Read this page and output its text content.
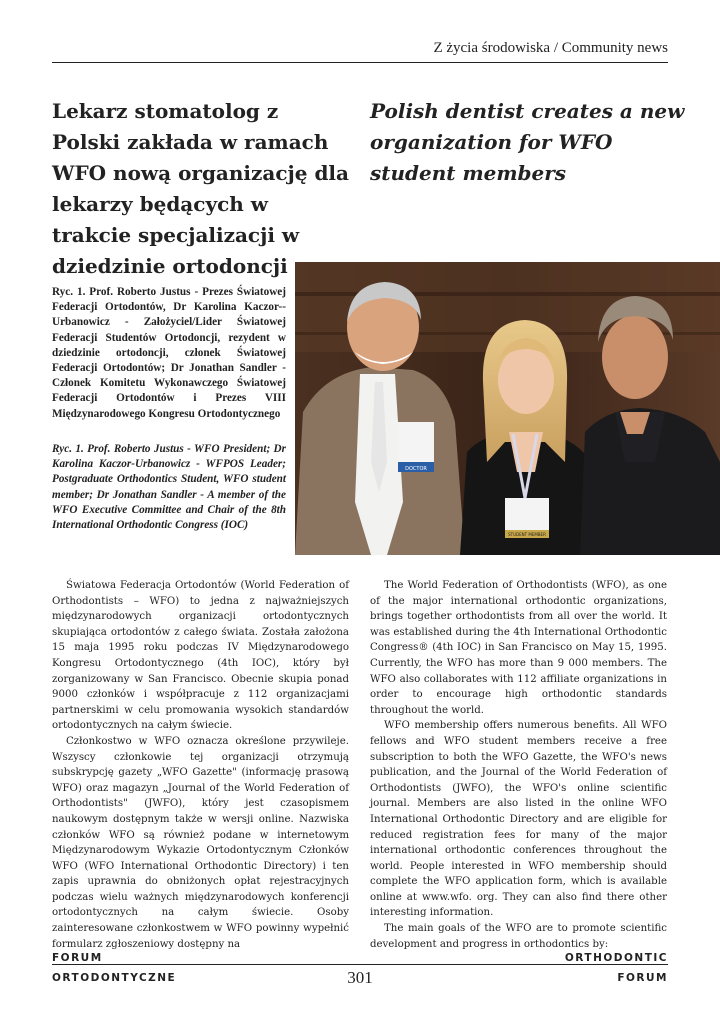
Z życia środowiska / Community news
Lekarz stomatolog z Polski zakłada w ramach WFO nową organizację dla lekarzy będących w trakcie specjalizacji w dziedzinie ortodoncji
Polish dentist creates a new organization for WFO student members
Ryc. 1. Prof. Roberto Justus - Prezes Światowej Federacji Ortodontów, Dr Karolina Kaczor--Urbanowicz - Założyciel/Lider Światowej Federacji Studentów Ortodoncji, rezydent w dziedzinie ortodoncji, członek Światowej Federacji Ortodontów; Dr Jonathan Sandler - Członek Komitetu Wykonawczego Światowej Federacji Ortodontów i Prezes VIII Międzynarodowego Kongresu Ortodontycznego
Ryc. 1. Prof. Roberto Justus - WFO President; Dr Karolina Kaczor-Urbanowicz - WFPOS Leader; Postgraduate Orthodontics Student, WFO student member; Dr Jonathan Sandler - A member of the WFO Executive Committee and Chair of the 8th International Orthodontic Congress (IOC)
DOCTOR
STUDENT MEMBER

Światowa Federacja Ortodontów (World Federation of Orthodontists – WFO) to jedna z najważniejszych międzynarodowych organizacji ortodontycznych skupiająca ortodontów z całego świata. Została założona 15 maja 1995 roku podczas IV Międzynarodowego Kongresu Ortodontycznego (4th IOC), który był zorganizowany w San Francisco. Obecnie skupia ponad 9000 członków i współpracuje z 112 organizacjami partnerskimi w celu promowania wysokich standardów ortodontycznych na całym świecie.

Członkostwo w WFO oznacza określone przywileje. Wszyscy członkowie tej organizacji otrzymują subskrypcję gazety „WFO Gazette" (informację prasową WFO) oraz magazyn „Journal of the World Federation of Orthodontists" (JWFO), który jest czasopismem naukowym dostępnym także w wersji online. Nazwiska członków WFO są również podane w internetowym Międzynarodowym Wykazie Ortodontycznym Członków WFO (WFO International Orthodontic Directory) i ten zapis uprawnia do obniżonych opłat rejestracyjnych podczas wielu ważnych międzynarodowych konferencji ortodontycznych na całym świecie. Osoby zainteresowane członkostwem w WFO powinny wypełnić formularz zgłoszeniowy dostępny na

The World Federation of Orthodontists (WFO), as one of the major international orthodontic organizations, brings together orthodontists from all over the world. It was established during the 4th International Orthodontic Congress® (4th IOC) in San Francisco on May 15, 1995. Currently, the WFO has more than 9 000 members. The WFO also collaborates with 112 affiliate organizations in order to encourage high orthodontic standards throughout the world.

WFO membership offers numerous benefits. All WFO fellows and WFO student members receive a free subscription to both the WFO Gazette, the WFO's news publication, and the Journal of the World Federation of Orthodontists (JWFO), the WFO's online scientific journal. Members are also listed in the online WFO International Orthodontic Directory and are eligible for reduced registration fees for many of the major international orthodontic conferences throughout the world. People interested in WFO membership should complete the WFO application form, which is available online at www.wfo. org. They can also find there other interesting information.

The main goals of the WFO are to promote scientific development and progress in orthodontics by:

FORUM
ORTODONTYCZNE
ORTHODONTIC
FORUM
301
